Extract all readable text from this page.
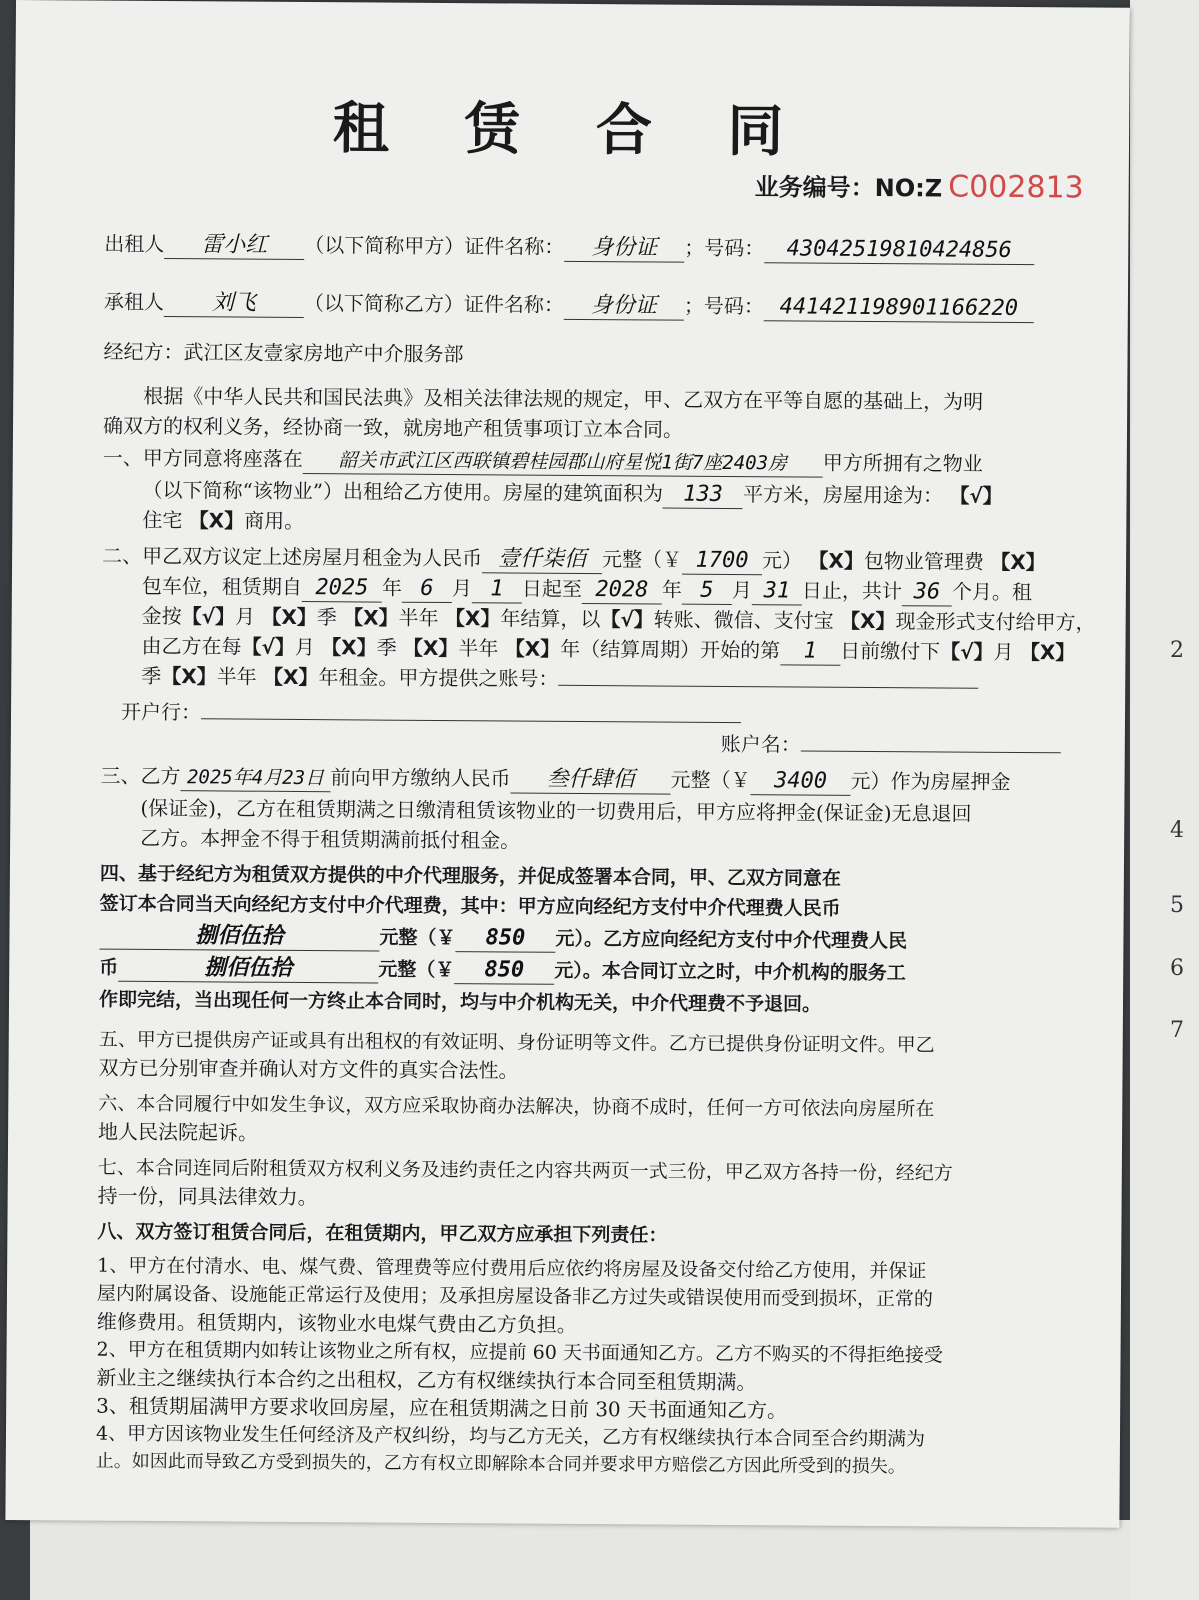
2
4
5
6
7
租 赁 合 同
业务编号：NO:Z C002813
出租人 雷小红 （以下简称甲方）证件名称： 身份证 ；号码： 43042519810424856
承租人 刘飞 （以下简称乙方）证件名称： 身份证 ；号码： 441421198901166220
经纪方：武江区友壹家房地产中介服务部
根据《中华人民共和国民法典》及相关法律法规的规定，甲、乙双方在平等自愿的基础上，为明
确双方的权利义务，经协商一致，就房地产租赁事项订立本合同。
一、甲方同意将座落在 韶关市武江区西联镇碧桂园郡山府星悦1街7座2403房 甲方所拥有之物业
（以下简称“该物业”）出租给乙方使用。房屋的建筑面积为 133 平方米，房屋用途为： 【√】
住宅 【X】商用。
二、甲乙双方议定上述房屋月租金为人民币 壹仟柒佰 元整（￥ 1700 元） 【X】包物业管理费 【X】
包车位，租赁期自 2025 年 6 月 1 日起至 2028 年 5 月 31 日止，共计 36 个月。租
金按【√】月 【X】季 【X】半年 【X】年结算，以【√】转账、微信、支付宝 【X】现金形式支付给甲方，
由乙方在每【√】月 【X】季 【X】半年 【X】年（结算周期）开始的第 1 日前缴付下【√】月 【X】
季【X】半年 【X】年租金。甲方提供之账号：
开户行：
账户名：
三、乙方 2025年4月23日 前向甲方缴纳人民币 叁仟肆佰 元整（￥ 3400 元）作为房屋押金
(保证金)，乙方在租赁期满之日缴清租赁该物业的一切费用后，甲方应将押金(保证金)无息退回
乙方。本押金不得于租赁期满前抵付租金。
四、基于经纪方为租赁双方提供的中介代理服务，并促成签署本合同，甲、乙双方同意在
签订本合同当天向经纪方支付中介代理费，其中：甲方应向经纪方支付中介代理费人民币
捌佰伍拾	元整（￥ 850 元）。乙方应向经纪方支付中介代理费人民
币	捌佰伍拾	元整（￥ 850 元）。本合同订立之时，中介机构的服务工
作即完结，当出现任何一方终止本合同时，均与中介机构无关，中介代理费不予退回。
五、甲方已提供房产证或具有出租权的有效证明、身份证明等文件。乙方已提供身份证明文件。甲乙
双方已分别审查并确认对方文件的真实合法性。
六、本合同履行中如发生争议，双方应采取协商办法解决，协商不成时，任何一方可依法向房屋所在
地人民法院起诉。
七、本合同连同后附租赁双方权利义务及违约责任之内容共两页一式三份，甲乙双方各持一份，经纪方
持一份，同具法律效力。
八、双方签订租赁合同后，在租赁期内，甲乙双方应承担下列责任：
1、甲方在付清水、电、煤气费、管理费等应付费用后应依约将房屋及设备交付给乙方使用，并保证
屋内附属设备、设施能正常运行及使用；及承担房屋设备非乙方过失或错误使用而受到损坏，正常的
维修费用。租赁期内，该物业水电煤气费由乙方负担。
2、甲方在租赁期内如转让该物业之所有权，应提前 60 天书面通知乙方。乙方不购买的不得拒绝接受
新业主之继续执行本合约之出租权，乙方有权继续执行本合同至租赁期满。
3、租赁期届满甲方要求收回房屋，应在租赁期满之日前 30 天书面通知乙方。
4、甲方因该物业发生任何经济及产权纠纷，均与乙方无关，乙方有权继续执行本合同至合约期满为
止。如因此而导致乙方受到损失的，乙方有权立即解除本合同并要求甲方赔偿乙方因此所受到的损失。
